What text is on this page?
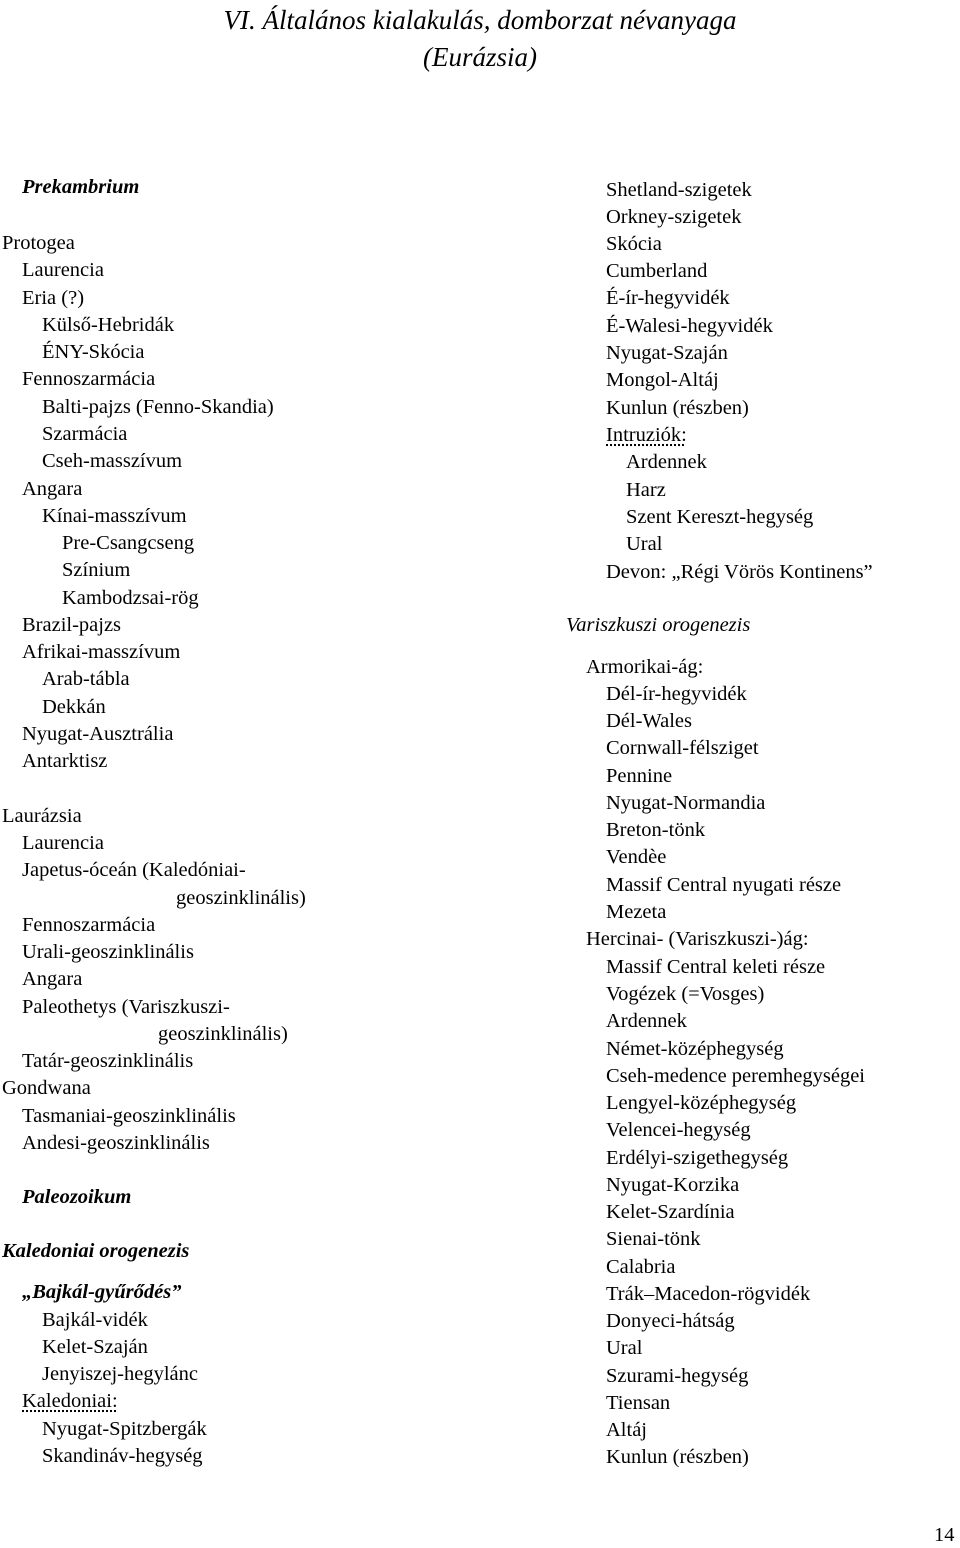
VI. Általános kialakulás, domborzat névanyaga
(Eurázsia)
Prekambrium
Protogea
Laurencia
Eria (?)
Külső-Hebridák
ÉNY-Skócia
Fennoszarmácia
Balti-pajzs (Fenno-Skandia)
Szarmácia
Cseh-masszívum
Angara
Kínai-masszívum
Pre-Csangcseng
Színium
Kambodzsai-rög
Brazil-pajzs
Afrikai-masszívum
Arab-tábla
Dekkán
Nyugat-Ausztrália
Antarktisz
Laurázsia
Laurencia
Japetus-óceán (Kaledóniai-
geoszinklinális)
Fennoszarmácia
Urali-geoszinklinális
Angara
Paleothetys (Variszkuszi-
geoszinklinális)
Tatár-geoszinklinális
Gondwana
Tasmaniai-geoszinklinális
Andesi-geoszinklinális
Paleozoikum
Kaledoniai orogenezis
„Bajkál-gyűrődés”
Bajkál-vidék
Kelet-Szaján
Jenyiszej-hegylánc
Kaledoniai:
Nyugat-Spitzbergák
Skandináv-hegység
Shetland-szigetek
Orkney-szigetek
Skócia
Cumberland
É-ír-hegyvidék
É-Walesi-hegyvidék
Nyugat-Szaján
Mongol-Altáj
Kunlun (részben)
Intruziók:
Ardennek
Harz
Szent Kereszt-hegység
Ural
Devon: „Régi Vörös Kontinens”
Variszkuszi orogenezis
Armorikai-ág:
Dél-ír-hegyvidék
Dél-Wales
Cornwall-félsziget
Pennine
Nyugat-Normandia
Breton-tönk
Vendèe
Massif Central nyugati része
Mezeta
Hercinai- (Variszkuszi-)ág:
Massif Central keleti része
Vogézek (=Vosges)
Ardennek
Német-középhegység
Cseh-medence peremhegységei
Lengyel-középhegység
Velencei-hegység
Erdélyi-szigethegység
Nyugat-Korzika
Kelet-Szardínia
Sienai-tönk
Calabria
Trák–Macedon-rögvidék
Donyeci-hátság
Ural
Szurami-hegység
Tiensan
Altáj
Kunlun (részben)
14
